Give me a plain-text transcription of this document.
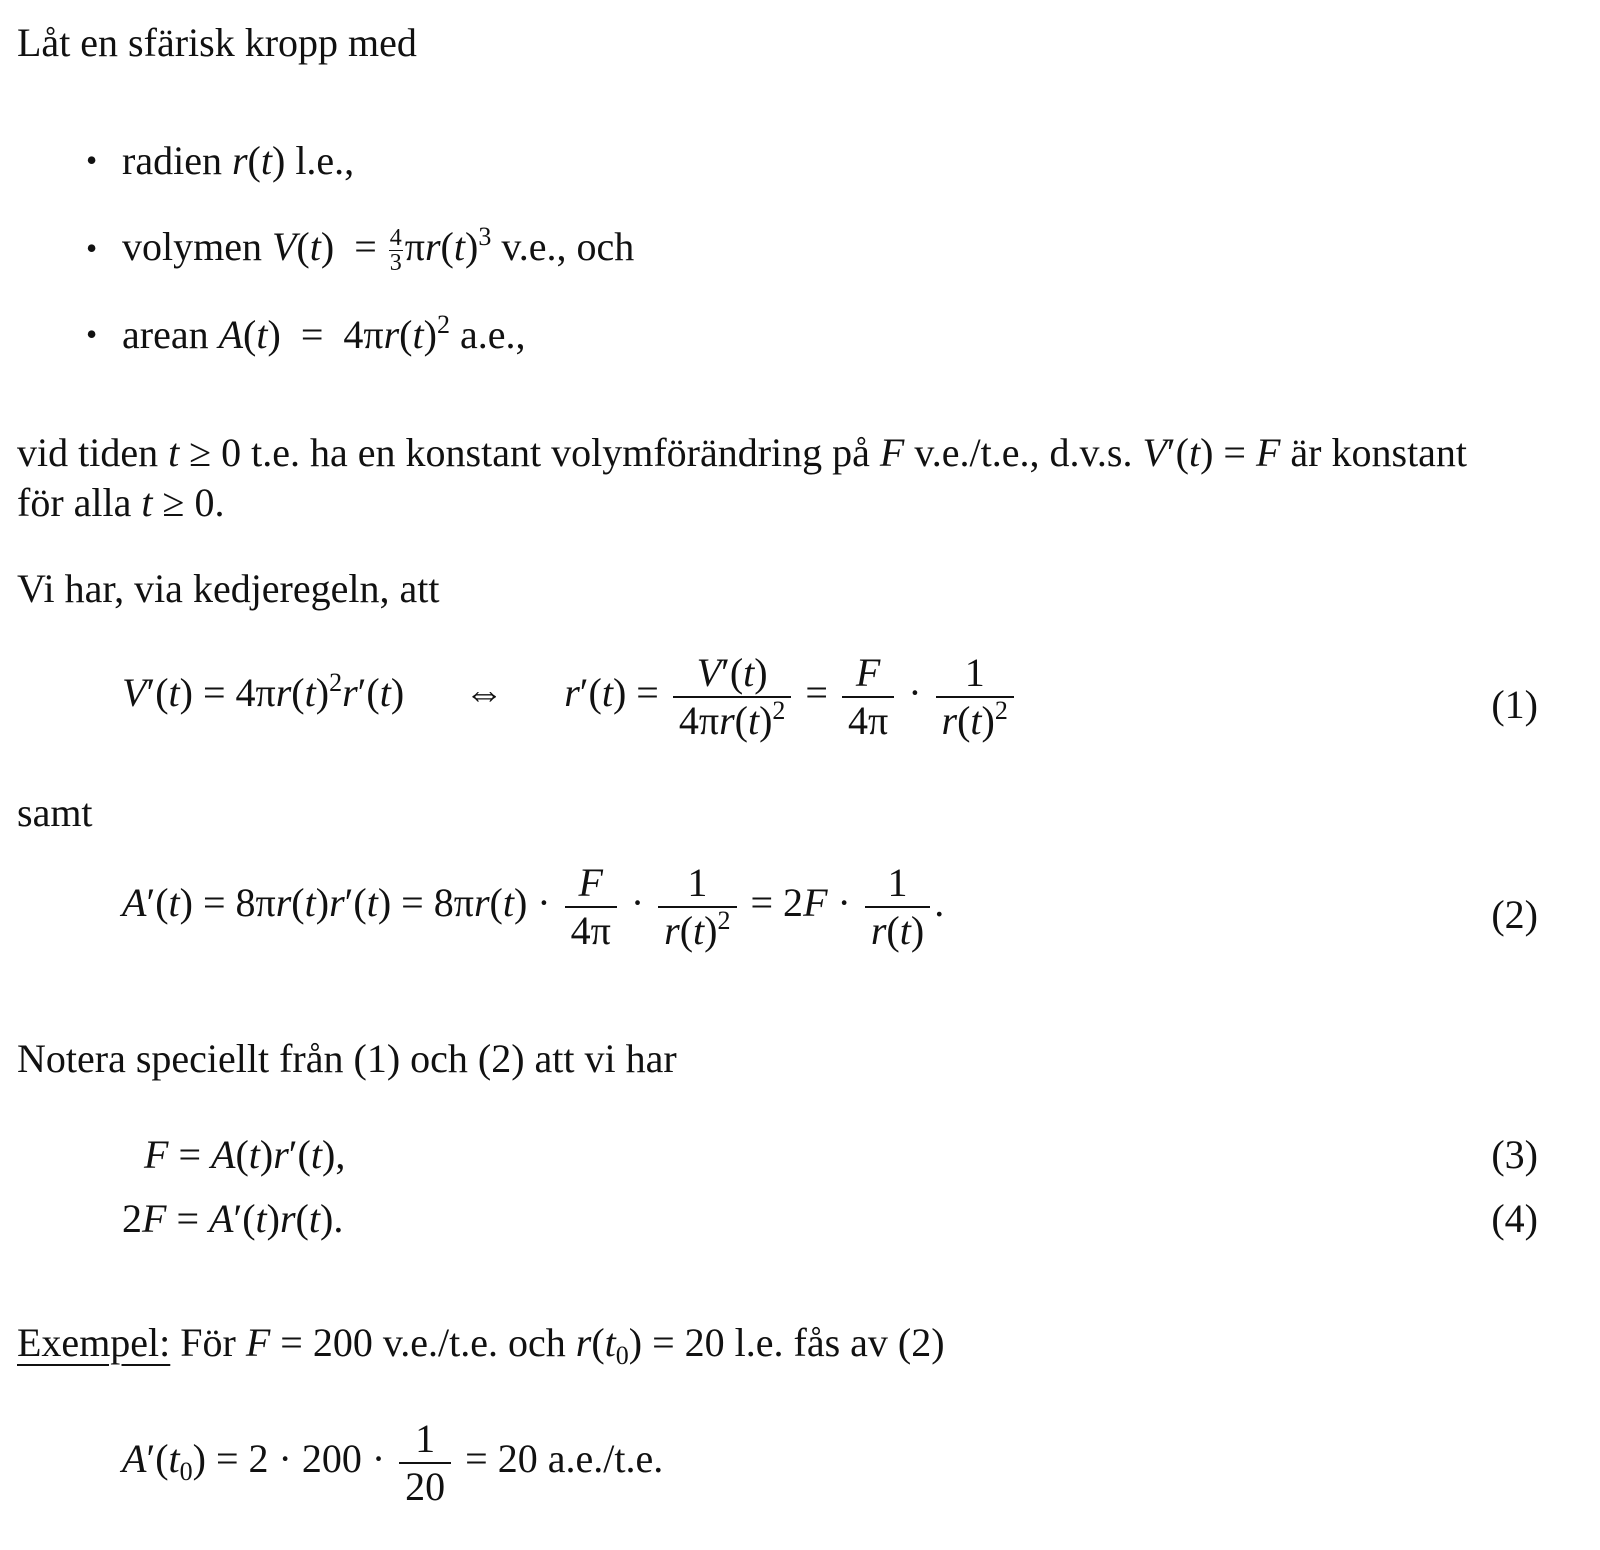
Låt en sfärisk kropp med
• radien r(t) l.e.,
• volymen $V(t) = \frac{4}{3} \pi r(t)^3$ v.e., och
• arean $A(t) = 4\pi r(t)^2$ a.e.,
vid tiden t ≥ 0 t.e. ha en konstant volymförändring på F v.e./t.e., d.v.s. V′(t) = F är konstant
för alla t ≥ 0.
Vi har, via kedjeregeln, att
$V'(t) = 4\pi r(t)^2r'(t)$ ⇔ $r'(t) = \frac{V'(t)}{4\pi r(t)^2} = \frac{F}{4\pi} \cdot \frac{1}{r(t)^2}$	(1)
samt
$A'(t) = 8\pi r(t)r'(t) = 8\pi r(t) \cdot \frac{F}{4\pi} \cdot \frac{1}{r(t)^2} = 2F \cdot \frac{1}{r(t)}$ .	(2)
Notera speciellt från (1) och (2) att vi har
F = A(t)r′(t),	(3)
2F = A′(t)r(t).	(4)
Exempel: För F = 200 v.e./t.e. och $r(t_0) = 20$ l.e. fås av (2)
$A'(t_0) = 2 \cdot 200 \cdot \frac{1}{20} = 20$ a.e./t.e.
